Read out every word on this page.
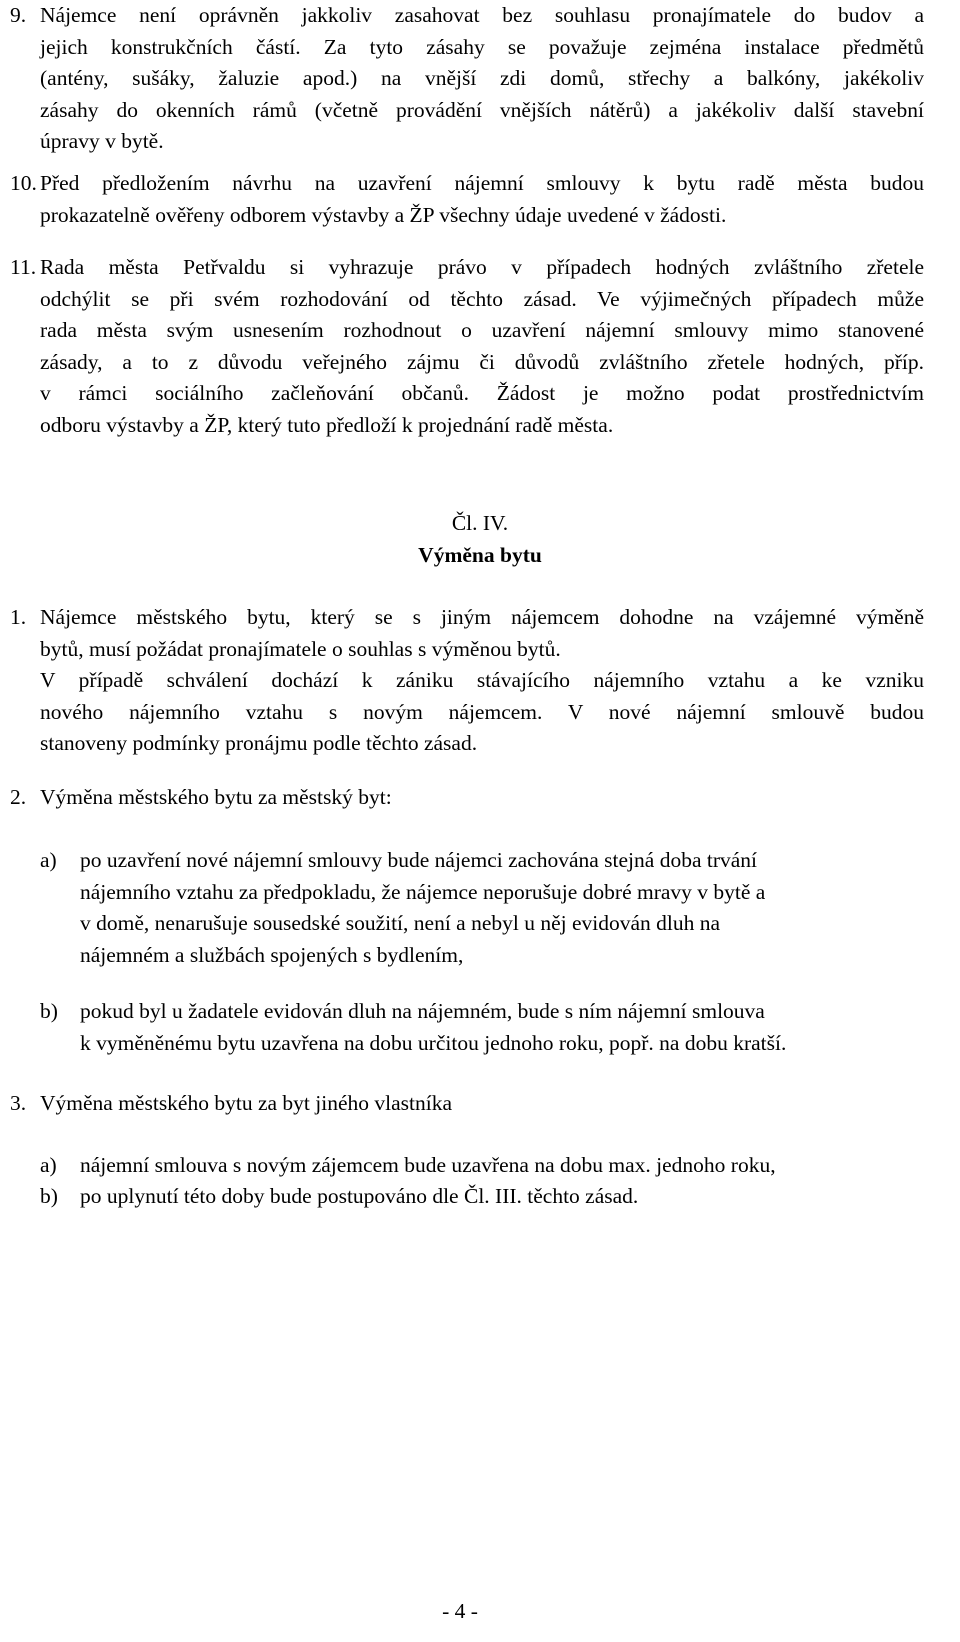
9. Nájemce není oprávněn jakkoliv zasahovat bez souhlasu pronajímatele do budov a
jejich konstrukčních částí. Za tyto zásahy se považuje zejména instalace předmětů
(antény, sušáky, žaluzie apod.) na vnější zdi domů, střechy a balkóny, jakékoliv
zásahy do okenních rámů (včetně provádění vnějších nátěrů) a jakékoliv další stavební
úpravy v bytě.
10. Před předložením návrhu na uzavření nájemní smlouvy k bytu radě města budou
prokazatelně ověřeny odborem výstavby a ŽP všechny údaje uvedené v žádosti.
11. Rada města Petřvaldu si vyhrazuje právo v případech hodných zvláštního zřetele
odchýlit se při svém rozhodování od těchto zásad. Ve výjimečných případech může
rada města svým usnesením rozhodnout o uzavření nájemní smlouvy mimo stanovené
zásady, a to z důvodu veřejného zájmu či důvodů zvláštního zřetele hodných, příp.
v rámci sociálního začleňování občanů. Žádost je možno podat prostřednictvím
odboru výstavby a ŽP, který tuto předloží k projednání radě města.
Čl. IV.
Výměna bytu
1. Nájemce městského bytu, který se s jiným nájemcem dohodne na vzájemné výměně
bytů, musí požádat pronajímatele o souhlas s výměnou bytů.
V případě schválení dochází k zániku stávajícího nájemního vztahu a ke vzniku
nového nájemního vztahu s novým nájemcem. V nové nájemní smlouvě budou
stanoveny podmínky pronájmu podle těchto zásad.
2. Výměna městského bytu za městský byt:
a) po uzavření nové nájemní smlouvy bude nájemci zachována stejná doba trvání
nájemního vztahu za předpokladu, že nájemce neporušuje dobré mravy v bytě a
v domě, nenarušuje sousedské soužití, není a nebyl u něj evidován dluh na
nájemném a službách spojených s bydlením,
b) pokud byl u žadatele evidován dluh na nájemném, bude s ním nájemní smlouva
k vyměněnému bytu uzavřena na dobu určitou jednoho roku, popř. na dobu kratší.
3. Výměna městského bytu za byt jiného vlastníka
a) nájemní smlouva s novým zájemcem bude uzavřena na dobu max. jednoho roku,
b) po uplynutí této doby bude postupováno dle Čl. III. těchto zásad.
- 4 -
